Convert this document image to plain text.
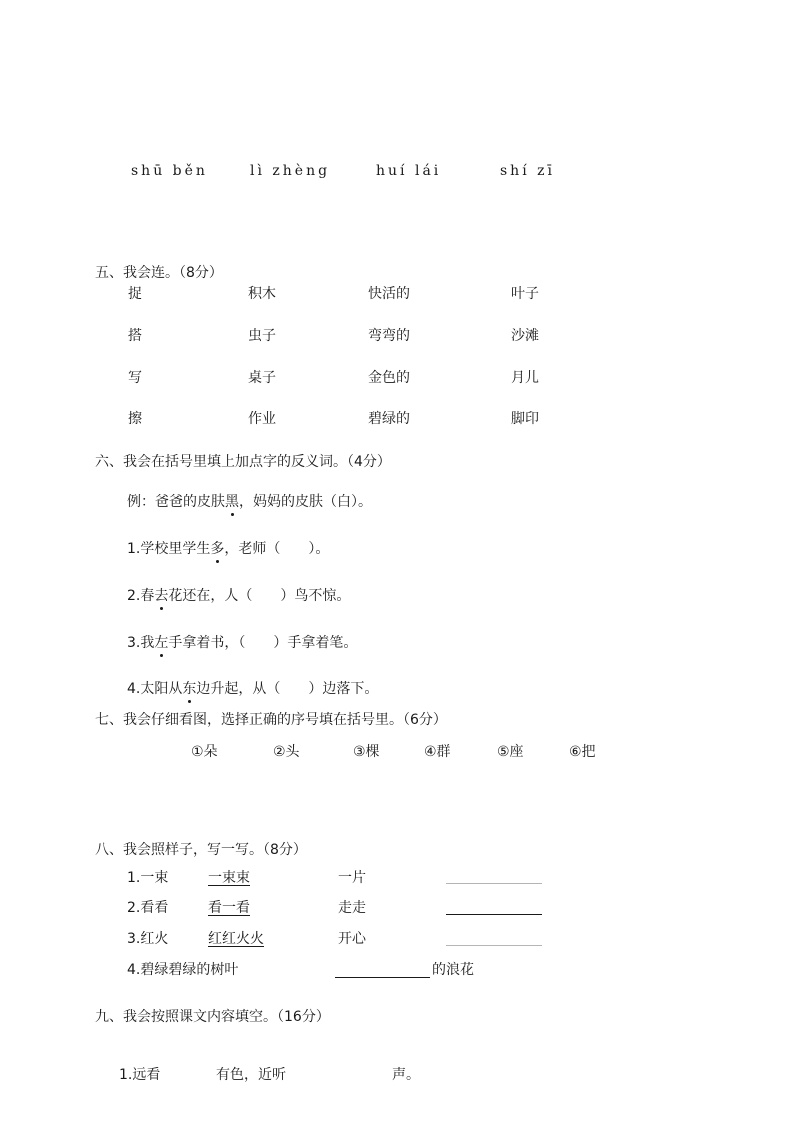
shū běn	lì zhèng	huí lái	shí zī
五、我会连。（8分）
捉	积木	快活的	叶子
搭	虫子	弯弯的	沙滩
写	桌子	金色的	月儿
擦	作业	碧绿的	脚印
六、我会在括号里填上加点字的反义词。（4分）
例：爸爸的皮肤黑，妈妈的皮肤（白）。
1.学校里学生多，老师（　　）。
2.春去花还在，人（　　）鸟不惊。
3.我左手拿着书，（　　）手拿着笔。
4.太阳从东边升起，从（　　）边落下。
七、我会仔细看图，选择正确的序号填在括号里。（6分）
①朵	②头	③棵	④群	⑤座	⑥把
八、我会照样子，写一写。（8分）
1.一束	一束束	一片
2.看看	看一看	走走
3.红火	红红火火	开心
4.碧绿碧绿的树叶	的浪花
九、我会按照课文内容填空。（16分）
1.远看	有色，近听	声。
